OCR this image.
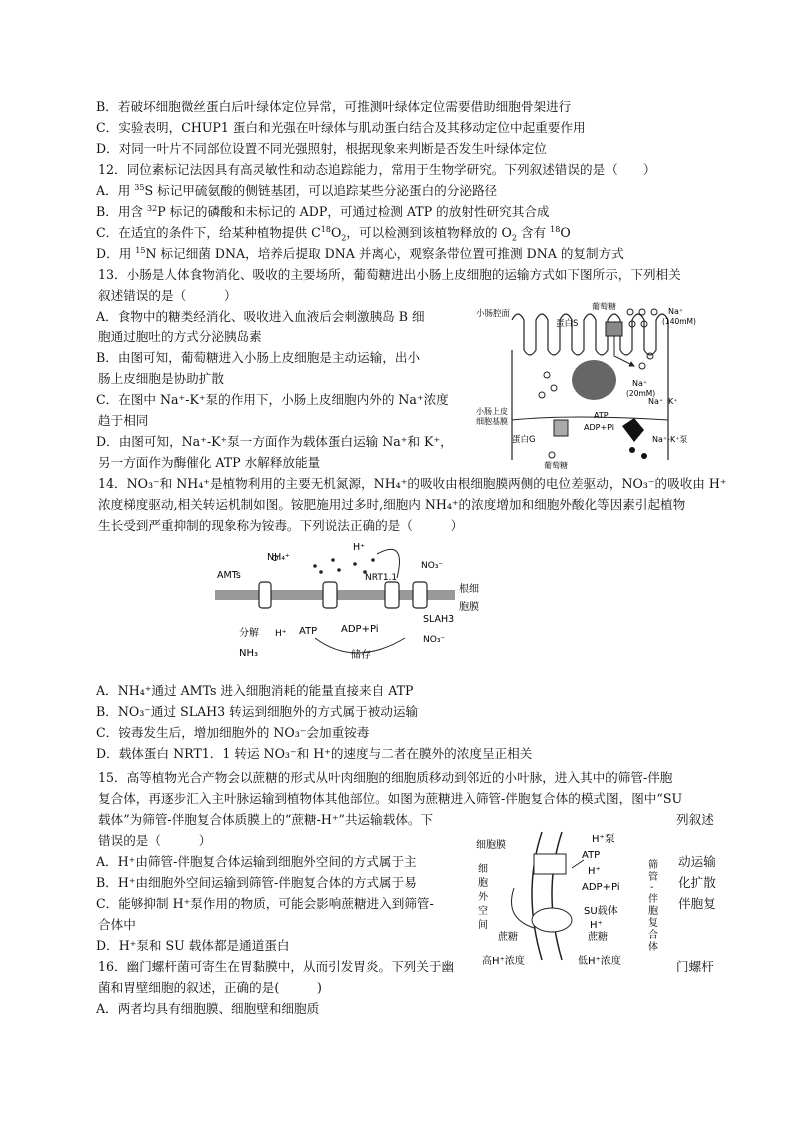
B．若破坏细胞微丝蛋白后叶绿体定位异常，可推测叶绿体定位需要借助细胞骨架进行
C．实验表明，CHUP1 蛋白和光强在叶绿体与肌动蛋白结合及其移动定位中起重要作用
D．对同一叶片不同部位设置不同光强照射，根据现象来判断是否发生叶绿体定位
12．同位素标记法因具有高灵敏性和动态追踪能力，常用于生物学研究。下列叙述错误的是（　　）
A．用 $^{35}$S 标记甲硫氨酸的侧链基团，可以追踪某些分泌蛋白的分泌路径
B．用含 $^{32}$P 标记的磷酸和未标记的 ADP，可通过检测 ATP 的放射性研究其合成
C．在适宜的条件下，给某种植物提供 $C^{18}O_2$，可以检测到该植物释放的 $O_2$ 含有 $^{18}$O
D．用 $^{15}$N 标记细菌 DNA，培养后提取 DNA 并离心，观察条带位置可推测 DNA 的复制方式
13．小肠是人体食物消化、吸收的主要场所，葡萄糖进出小肠上皮细胞的运输方式如下图所示，下列相关
叙述错误的是（　　　）
A．食物中的糖类经消化、吸收进入血液后会刺激胰岛 B 细
胞通过胞吐的方式分泌胰岛素
B．由图可知，葡萄糖进入小肠上皮细胞是主动运输，出小
肠上皮细胞是协助扩散
C．在图中 Na⁺-K⁺泵的作用下，小肠上皮细胞内外的 Na⁺浓度
趋于相同
D．由图可知，Na⁺-K⁺泵一方面作为载体蛋白运输 Na⁺和 K⁺，
另一方面作为酶催化 ATP 水解释放能量
小肠腔面
葡萄糖
蛋白S
Na⁺
(140mM)
Na⁺
(20mM)
小肠上皮
细胞基膜
ATP
ADP+Pi
蛋白G
Na⁺ K⁺
Na⁺-K⁺泵
葡萄糖
14．NO₃⁻和 NH₄⁺是植物利用的主要无机氮源，NH₄⁺的吸收由根细胞膜两侧的电位差驱动，NO₃⁻的吸收由 H⁺
浓度梯度驱动,相关转运机制如图。铵肥施用过多时,细胞内 NH₄⁺的浓度增加和细胞外酸化等因素引起植物
生长受到严重抑制的现象称为铵毒。下列说法正确的是（　　　）
AMTs
NH₄⁺
H⁺
NRT1.1
NO₃⁻
根细
胞膜
分解 H⁺
NH₃
ATP ADP+Pi
SLAH3
NO₃⁻
储存
A．NH₄⁺通过 AMTs 进入细胞消耗的能量直接来自 ATP
B．NO₃⁻通过 SLAH3 转运到细胞外的方式属于被动运输
C．铵毒发生后，增加细胞外的 NO₃⁻会加重铵毒
D．载体蛋白 NRT1．1 转运 NO₃⁻和 H⁺的速度与二者在膜外的浓度呈正相关
15．高等植物光合产物会以蔗糖的形式从叶肉细胞的细胞质移动到邻近的小叶脉，进入其中的筛管-伴胞
复合体，再逐步汇入主叶脉运输到植物体其他部位。如图为蔗糖进入筛管-伴胞复合体的模式图，图中“SU
载体”为筛管-伴胞复合体质膜上的“蔗糖-H⁺”共运输载体。下	列叙述
错误的是（　　　）
A．H⁺由筛管-伴胞复合体运输到细胞外空间的方式属于主	动运输
B．H⁺由细胞外空间运输到筛管-伴胞复合体的方式属于易	化扩散
C．能够抑制 H⁺泵作用的物质，可能会影响蔗糖进入到筛管-	伴胞复
合体中
D．H⁺泵和 SU 载体都是通道蛋白
细胞膜
H⁺泵
ATP
H⁺
ADP+Pi
细
胞
外
空
间
SU载体
蔗糖	蔗糖
H⁺
高H⁺浓度	低H⁺浓度
筛
管
-
伴
胞
复
合
体
16．幽门螺杆菌可寄生在胃黏膜中，从而引发胃炎。下列关于幽	门螺杆
菌和胃壁细胞的叙述，正确的是(　　　)
A．两者均具有细胞膜、细胞壁和细胞质
